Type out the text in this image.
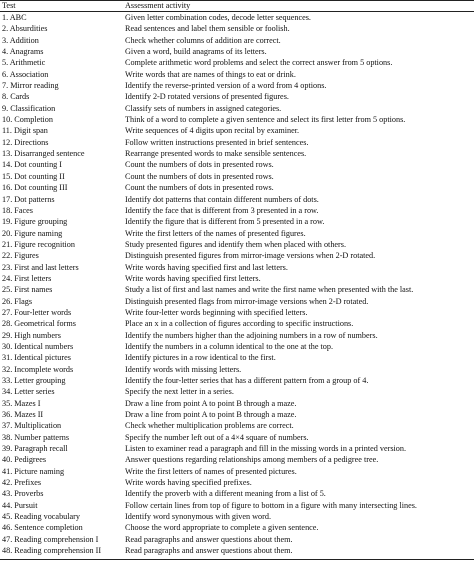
Test	Assessment activity
1. ABC	Given letter combination codes, decode letter sequences.
2. Absurdities	Read sentences and label them sensible or foolish.
3. Addition	Check whether columns of addition are correct.
4. Anagrams	Given a word, build anagrams of its letters.
5. Arithmetic	Complete arithmetic word problems and select the correct answer from 5 options.
6. Association	Write words that are names of things to eat or drink.
7. Mirror reading	Identify the reverse-printed version of a word from 4 options.
8. Cards	Identify 2-D rotated versions of presented figures.
9. Classification	Classify sets of numbers in assigned categories.
10. Completion	Think of a word to complete a given sentence and select its first letter from 5 options.
11. Digit span	Write sequences of 4 digits upon recital by examiner.
12. Directions	Follow written instructions presented in brief sentences.
13. Disarranged sentence	Rearrange presented words to make sensible sentences.
14. Dot counting I	Count the numbers of dots in presented rows.
15. Dot counting II	Count the numbers of dots in presented rows.
16. Dot counting III	Count the numbers of dots in presented rows.
17. Dot patterns	Identify dot patterns that contain different numbers of dots.
18. Faces	Identify the face that is different from 3 presented in a row.
19. Figure grouping	Identify the figure that is different from 5 presented in a row.
20. Figure naming	Write the first letters of the names of presented figures.
21. Figure recognition	Study presented figures and identify them when placed with others.
22. Figures	Distinguish presented figures from mirror-image versions when 2-D rotated.
23. First and last letters	Write words having specified first and last letters.
24. First letters	Write words having specified first letters.
25. First names	Study a list of first and last names and write the first name when presented with the last.
26. Flags	Distinguish presented flags from mirror-image versions when 2-D rotated.
27. Four-letter words	Write four-letter words beginning with specified letters.
28. Geometrical forms	Place an x in a collection of figures according to specific instructions.
29. High numbers	Identify the numbers higher than the adjoining numbers in a row of numbers.
30. Identical numbers	Identify the numbers in a column identical to the one at the top.
31. Identical pictures	Identify pictures in a row identical to the first.
32. Incomplete words	Identify words with missing letters.
33. Letter grouping	Identify the four-letter series that has a different pattern from a group of 4.
34. Letter series	Specify the next letter in a series.
35. Mazes I	Draw a line from point A to point B through a maze.
36. Mazes II	Draw a line from point A to point B through a maze.
37. Multiplication	Check whether multiplication problems are correct.
38. Number patterns	Specify the number left out of a 4×4 square of numbers.
39. Paragraph recall	Listen to examiner read a paragraph and fill in the missing words in a printed version.
40. Pedigrees	Answer questions regarding relationships among members of a pedigree tree.
41. Picture naming	Write the first letters of names of presented pictures.
42. Prefixes	Write words having specified prefixes.
43. Proverbs	Identify the proverb with a different meaning from a list of 5.
44. Pursuit	Follow certain lines from top of figure to bottom in a figure with many intersecting lines.
45. Reading vocabulary	Identify word synonymous with given word.
46. Sentence completion	Choose the word appropriate to complete a given sentence.
47. Reading comprehension I	Read paragraphs and answer questions about them.
48. Reading comprehension II	Read paragraphs and answer questions about them.
